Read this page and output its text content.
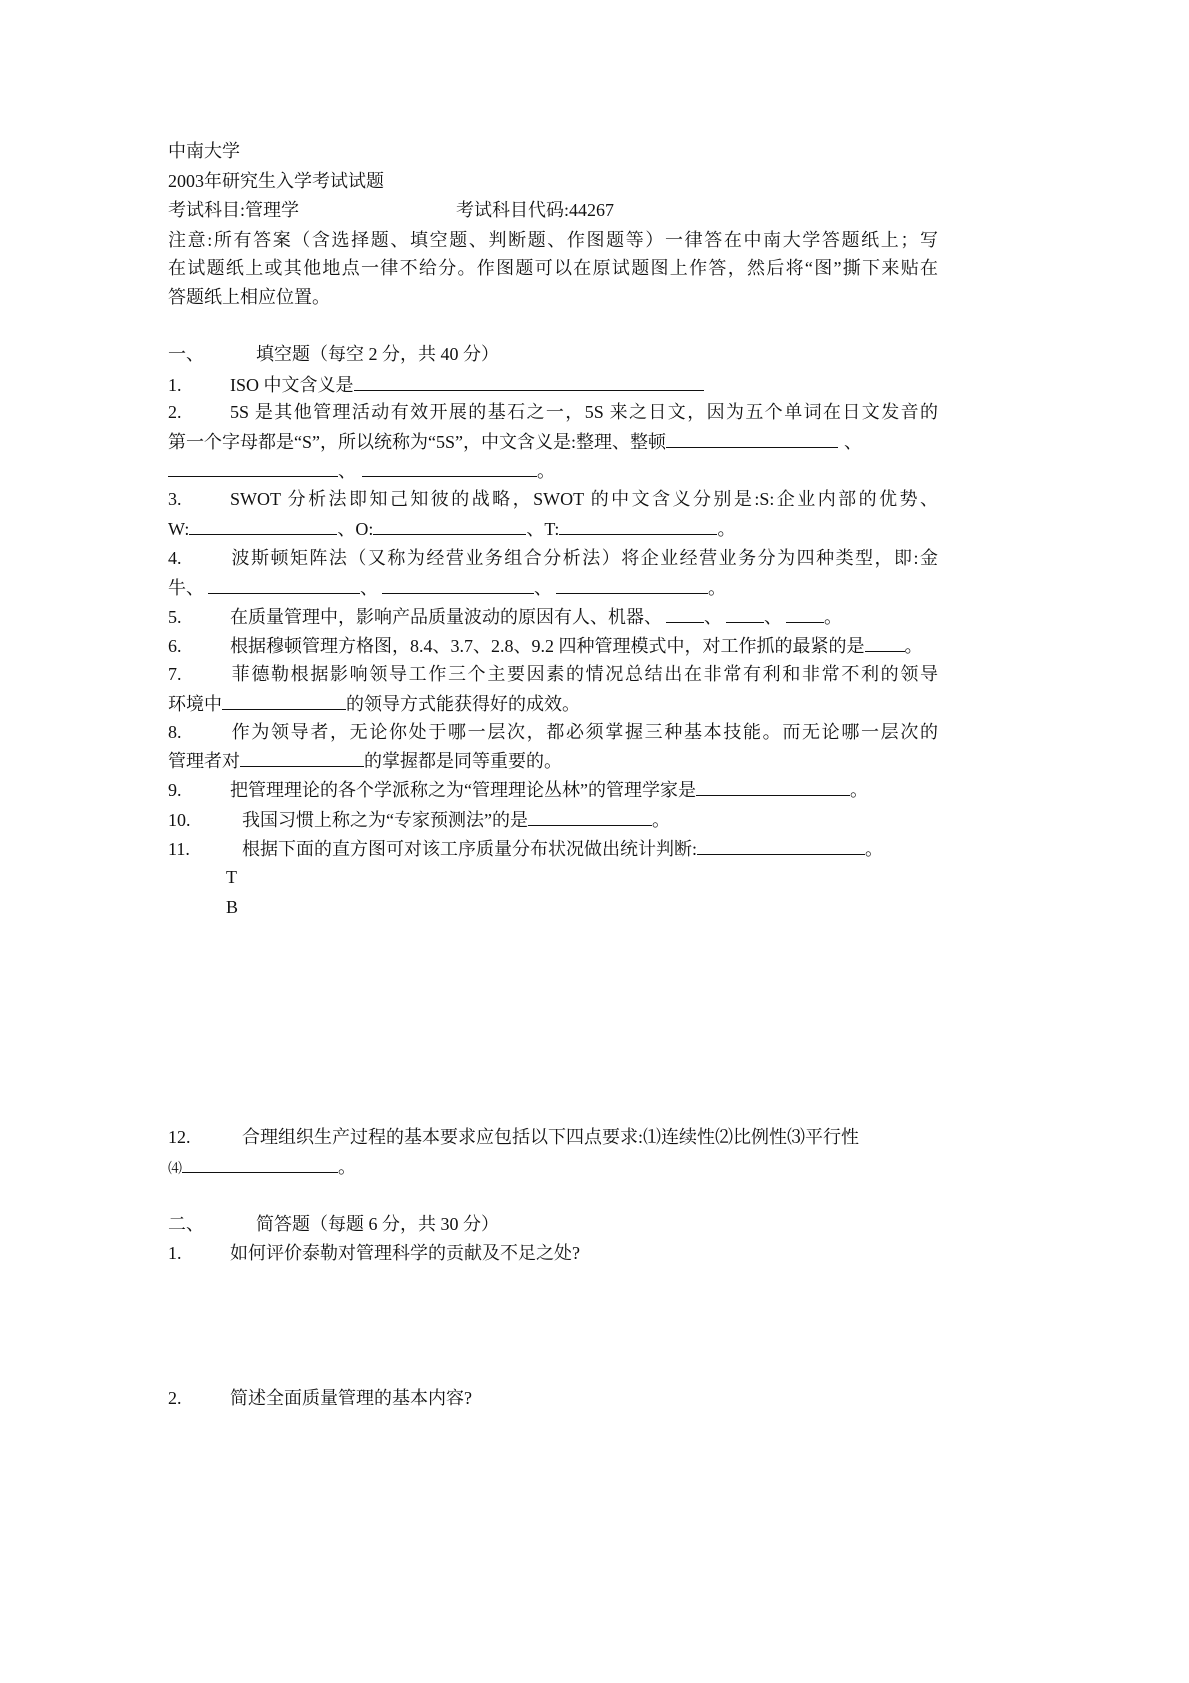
中南大学
2003年研究生入学考试试题
考试科目:管理学	考试科目代码:44267
注意:所有答案（含选择题、填空题、判断题、作图题等）一律答在中南大学答题纸上；写
在试题纸上或其他地点一律不给分。作图题可以在原试题图上作答，然后将“图”撕下来贴在
答题纸上相应位置。
一、	填空题（每空 2 分，共 40 分）
1.	ISO 中文含义是
2.	5S 是其他管理活动有效开展的基石之一，5S 来之日文，因为五个单词在日文发音的
第一个字母都是“S”，所以统称为“5S”，中文含义是:整理、整顿	、
、	。
3.	SWOT 分析法即知己知彼的战略，SWOT 的中文含义分别是:S:企业内部的优势、
W:	、O:	、T:	。
4.	波斯顿矩阵法（又称为经营业务组合分析法）将企业经营业务分为四种类型，即:金
牛、	、	、	。
5.	在质量管理中，影响产品质量波动的原因有人、机器、 、 、 。
6.	根据穆顿管理方格图，8.4、3.7、2.8、9.2 四种管理模式中，对工作抓的最紧的是 。
7.	菲德勒根据影响领导工作三个主要因素的情况总结出在非常有利和非常不利的领导
环境中	的领导方式能获得好的成效。
8.	作为领导者，无论你处于哪一层次，都必须掌握三种基本技能。而无论哪一层次的
管理者对	的掌握都是同等重要的。
9.	把管理理论的各个学派称之为“管理理论丛林”的管理学家是	。
10.	我国习惯上称之为“专家预测法”的是	。
11.	根据下面的直方图可对该工序质量分布状况做出统计判断:	。
T
B
12.	合理组织生产过程的基本要求应包括以下四点要求:⑴连续性⑵比例性⑶平行性
⑷	。
二、	简答题（每题 6 分，共 30 分）
1.	如何评价泰勒对管理科学的贡献及不足之处?
2.	简述全面质量管理的基本内容?
